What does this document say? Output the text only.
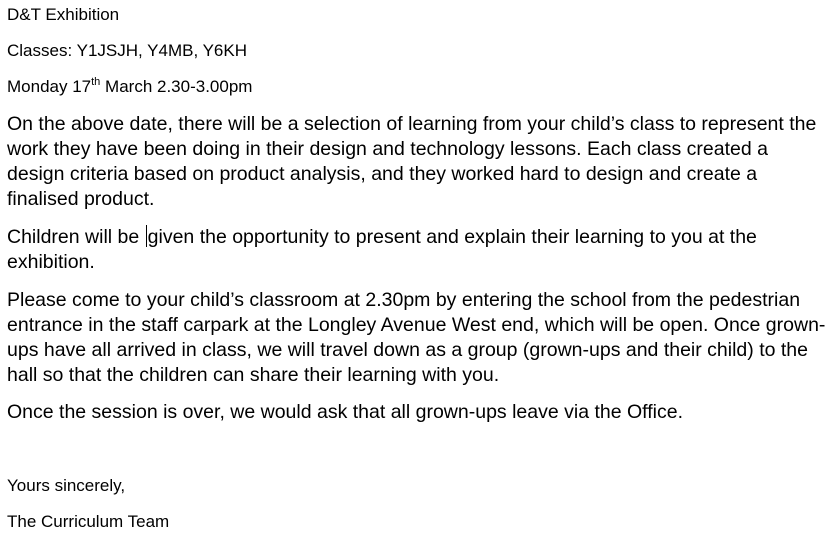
D&T Exhibition

Classes: Y1JSJH, Y4MB, Y6KH

Monday 17th March 2.30-3.00pm

On the above date, there will be a selection of learning from your child’s class to represent the work they have been doing in their design and technology lessons. Each class created a design criteria based on product analysis, and they worked hard to design and create a finalised product.

Children will be given the opportunity to present and explain their learning to you at the exhibition.

Please come to your child’s classroom at 2.30pm by entering the school from the pedestrian entrance in the staff carpark at the Longley Avenue West end, which will be open. Once grown-ups have all arrived in class, we will travel down as a group (grown-ups and their child) to the hall so that the children can share their learning with you.

Once the session is over, we would ask that all grown-ups leave via the Office.

Yours sincerely,

The Curriculum Team
